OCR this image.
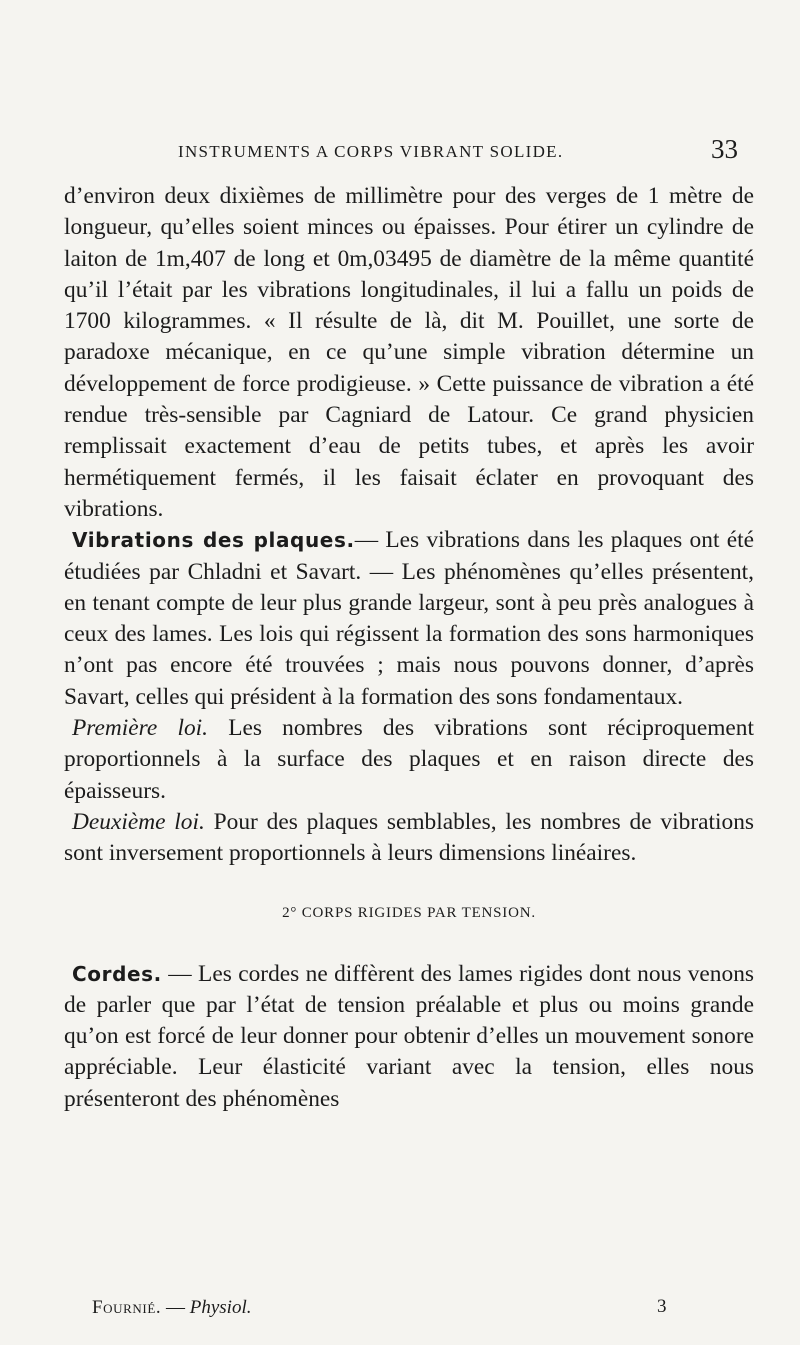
INSTRUMENTS A CORPS VIBRANT SOLIDE.	33

d’environ deux dixièmes de millimètre pour des verges de 1 mètre de longueur, qu’elles soient minces ou épaisses. Pour étirer un cylindre de laiton de 1m,407 de long et 0m,03495 de diamètre de la même quantité qu’il l’était par les vibrations longitudinales, il lui a fallu un poids de 1700 kilogrammes. « Il résulte de là, dit M. Pouillet, une sorte de paradoxe mécanique, en ce qu’une simple vibration détermine un développement de force prodigieuse. » Cette puissance de vibration a été rendue très-sensible par Cagniard de Latour. Ce grand physicien remplissait exactement d’eau de petits tubes, et après les avoir hermétiquement fermés, il les faisait éclater en provoquant des vibrations.

Vibrations des plaques.— Les vibrations dans les plaques ont été étudiées par Chladni et Savart. — Les phénomènes qu’elles présentent, en tenant compte de leur plus grande largeur, sont à peu près analogues à ceux des lames. Les lois qui régissent la formation des sons harmoniques n’ont pas encore été trouvées ; mais nous pouvons donner, d’après Savart, celles qui président à la formation des sons fondamentaux.

Première loi. Les nombres des vibrations sont réciproquement proportionnels à la surface des plaques et en raison directe des épaisseurs.

Deuxième loi. Pour des plaques semblables, les nombres de vibrations sont inversement proportionnels à leurs dimensions linéaires.

2° CORPS RIGIDES PAR TENSION.

Cordes. — Les cordes ne diffèrent des lames rigides dont nous venons de parler que par l’état de tension préalable et plus ou moins grande qu’on est forcé de leur donner pour obtenir d’elles un mouvement sonore appréciable. Leur élasticité variant avec la tension, elles nous présenteront des phénomènes

Fournié. — Physiol.	3
